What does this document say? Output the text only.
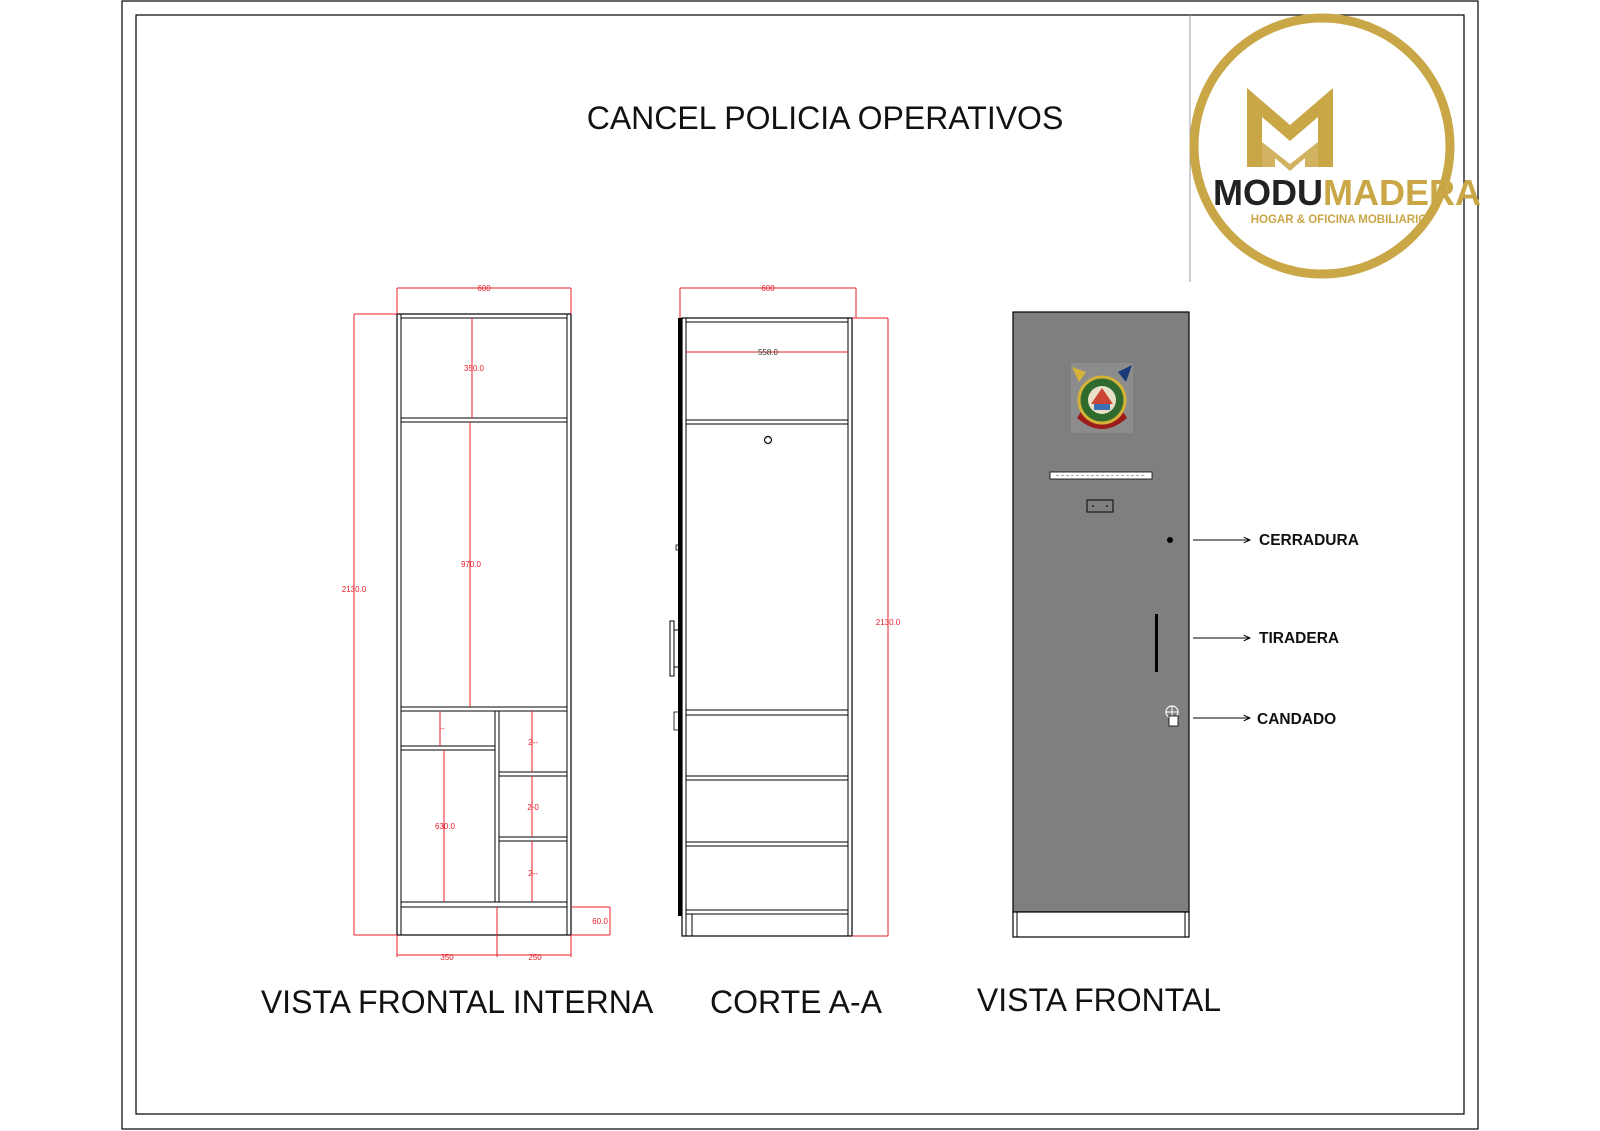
CANCEL POLICIA OPERATIVOS
MODUMADERA
HOGAR & OFICINA MOBILIARIO
600
2130.0
350.0
970.0
--
630.0
2--
2-0
2--
60.0
350	250
VISTA FRONTAL INTERNA
600
558.0
2130.0
CORTE A-A
CERRADURA
TIRADERA
CANDADO
VISTA FRONTAL
